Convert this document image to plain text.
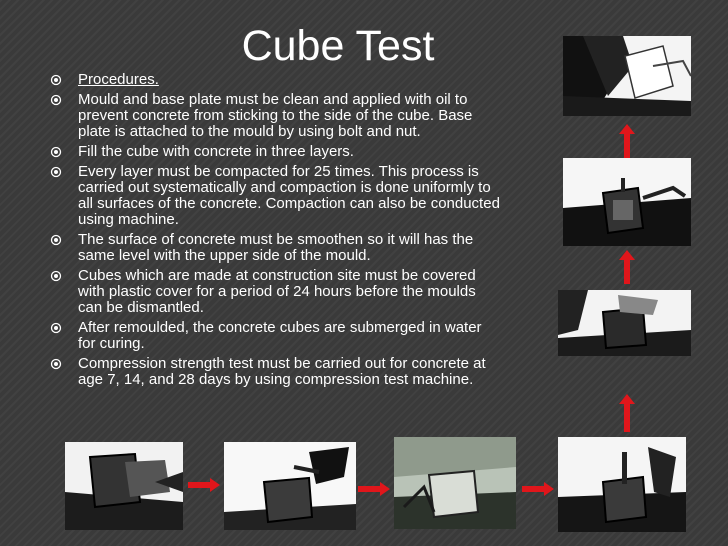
Cube Test
Procedures.
Mould and base plate must be clean and applied with oil to prevent concrete from sticking to the side of the cube. Base plate is attached to the mould by using bolt and nut.
Fill the cube with concrete in three layers.
Every layer must be compacted for 25 times. This process is carried out systematically and compaction is done uniformly to all surfaces of the concrete. Compaction can also be conducted using machine.
The surface of concrete must be smoothen so it will has the same level with the upper side of the mould.
Cubes which are made at construction site must be covered with plastic cover for a period of 24 hours before the moulds can be dismantled.
After remoulded, the concrete cubes are submerged in water for curing.
Compression strength test must be carried out for concrete at age 7, 14, and 28 days by using compression test machine.
